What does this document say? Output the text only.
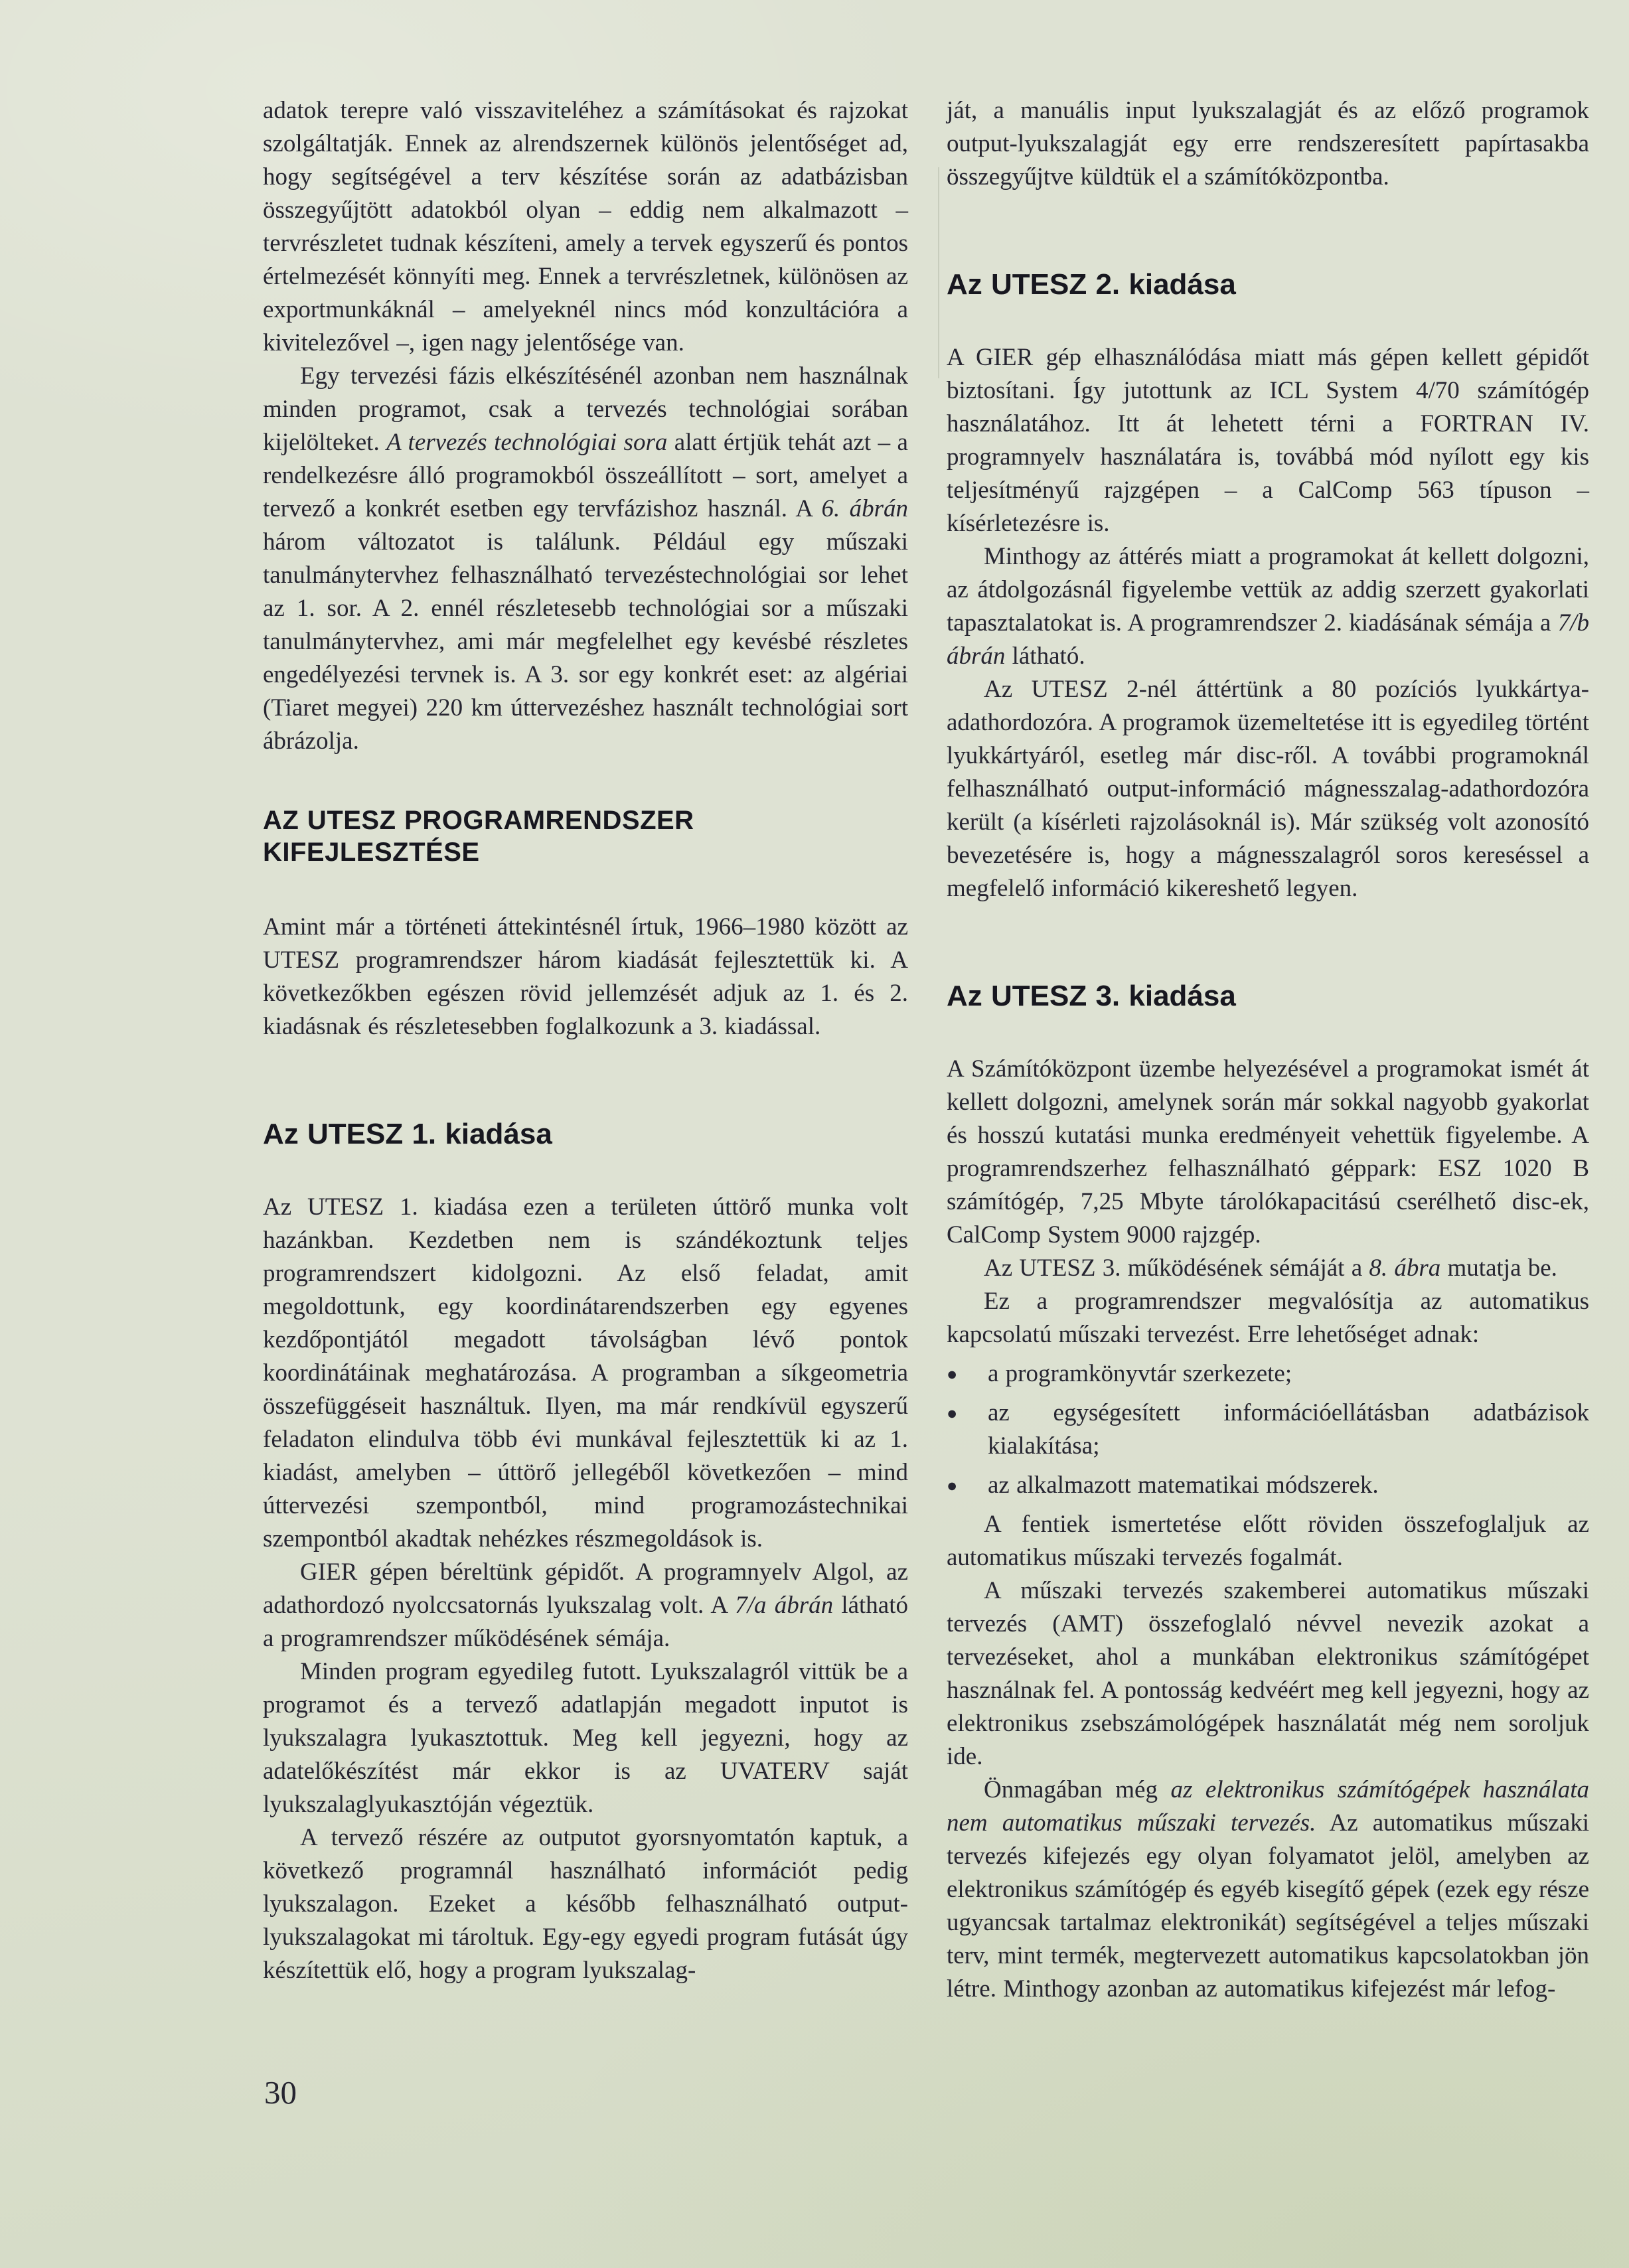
adatok terepre való visszaviteléhez a számításokat és rajzokat szolgáltatják. Ennek az alrendszernek különös jelentőséget ad, hogy segítségével a terv készítése során az adatbázisban összegyűjtött adatokból olyan – eddig nem alkalmazott – tervrészletet tudnak készíteni, amely a tervek egyszerű és pontos értelmezését könnyíti meg. Ennek a tervrészletnek, különösen az exportmunkáknál – amelyeknél nincs mód konzultációra a kivitelezővel –, igen nagy jelentősége van.

Egy tervezési fázis elkészítésénél azonban nem használnak minden programot, csak a tervezés technológiai sorában kijelölteket. A tervezés technológiai sora alatt értjük tehát azt – a rendelkezésre álló programokból összeállított – sort, amelyet a tervező a konkrét esetben egy tervfázishoz használ. A 6. ábrán három változatot is találunk. Például egy műszaki tanulmánytervhez felhasználható tervezéstechnológiai sor lehet az 1. sor. A 2. ennél részletesebb technológiai sor a műszaki tanulmánytervhez, ami már megfelelhet egy kevésbé részletes engedélyezési tervnek is. A 3. sor egy konkrét eset: az algériai (Tiaret megyei) 220 km úttervezéshez használt technológiai sort ábrázolja.

AZ UTESZ PROGRAMRENDSZER KIFEJLESZTÉSE

Amint már a történeti áttekintésnél írtuk, 1966–1980 között az UTESZ programrendszer három kiadását fejlesztettük ki. A következőkben egészen rövid jellemzését adjuk az 1. és 2. kiadásnak és részletesebben foglalkozunk a 3. kiadással.

Az UTESZ 1. kiadása

Az UTESZ 1. kiadása ezen a területen úttörő munka volt hazánkban. Kezdetben nem is szándékoztunk teljes programrendszert kidolgozni. Az első feladat, amit megoldottunk, egy koordinátarendszerben egy egyenes kezdőpontjától megadott távolságban lévő pontok koordinátáinak meghatározása. A programban a síkgeometria összefüggéseit használtuk. Ilyen, ma már rendkívül egyszerű feladaton elindulva több évi munkával fejlesztettük ki az 1. kiadást, amelyben – úttörő jellegéből következően – mind úttervezési szempontból, mind programozástechnikai szempontból akadtak nehézkes részmegoldások is.

GIER gépen béreltünk gépidőt. A programnyelv Algol, az adathordozó nyolccsatornás lyukszalag volt. A 7/a ábrán látható a programrendszer működésének sémája.

Minden program egyedileg futott. Lyukszalagról vittük be a programot és a tervező adatlapján megadott inputot is lyukszalagra lyukasztottuk. Meg kell jegyezni, hogy az adatelőkészítést már ekkor is az UVATERV saját lyukszalaglyukasztóján végeztük.

A tervező részére az outputot gyorsnyomtatón kaptuk, a következő programnál használható információt pedig lyukszalagon. Ezeket a később felhasználható output-lyukszalagokat mi tároltuk. Egy-egy egyedi program futását úgy készítettük elő, hogy a program lyukszalag-

ját, a manuális input lyukszalagját és az előző programok output-lyukszalagját egy erre rendszeresített papírtasakba összegyűjtve küldtük el a számítóközpontba.

Az UTESZ 2. kiadása

A GIER gép elhasználódása miatt más gépen kellett gépidőt biztosítani. Így jutottunk az ICL System 4/70 számítógép használatához. Itt át lehetett térni a FORTRAN IV. programnyelv használatára is, továbbá mód nyílott egy kis teljesítményű rajzgépen – a CalComp 563 típuson – kísérletezésre is.

Minthogy az áttérés miatt a programokat át kellett dolgozni, az átdolgozásnál figyelembe vettük az addig szerzett gyakorlati tapasztalatokat is. A programrendszer 2. kiadásának sémája a 7/b ábrán látható.

Az UTESZ 2-nél áttértünk a 80 pozíciós lyukkártya-adathordozóra. A programok üzemeltetése itt is egyedileg történt lyukkártyáról, esetleg már disc-ről. A további programoknál felhasználható output-információ mágnesszalag-adathordozóra került (a kísérleti rajzolásoknál is). Már szükség volt azonosító bevezetésére is, hogy a mágnesszalagról soros kereséssel a megfelelő információ kikereshető legyen.

Az UTESZ 3. kiadása

A Számítóközpont üzembe helyezésével a programokat ismét át kellett dolgozni, amelynek során már sokkal nagyobb gyakorlat és hosszú kutatási munka eredményeit vehettük figyelembe. A programrendszerhez felhasználható géppark: ESZ 1020 B számítógép, 7,25 Mbyte tárolókapacitású cserélhető disc-ek, CalComp System 9000 rajzgép.

Az UTESZ 3. működésének sémáját a 8. ábra mutatja be.

Ez a programrendszer megvalósítja az automatikus kapcsolatú műszaki tervezést. Erre lehetőséget adnak:

●	a programkönyvtár szerkezete;
●	az egységesített információellátásban adatbázisok kialakítása;
●	az alkalmazott matematikai módszerek.

A fentiek ismertetése előtt röviden összefoglaljuk az automatikus műszaki tervezés fogalmát.

A műszaki tervezés szakemberei automatikus műszaki tervezés (AMT) összefoglaló névvel nevezik azokat a tervezéseket, ahol a munkában elektronikus számítógépet használnak fel. A pontosság kedvéért meg kell jegyezni, hogy az elektronikus zsebszámológépek használatát még nem soroljuk ide.

Önmagában még az elektronikus számítógépek használata nem automatikus műszaki tervezés. Az automatikus műszaki tervezés kifejezés egy olyan folyamatot jelöl, amelyben az elektronikus számítógép és egyéb kisegítő gépek (ezek egy része ugyancsak tartalmaz elektronikát) segítségével a teljes műszaki terv, mint termék, megtervezett automatikus kapcsolatokban jön létre. Minthogy azonban az automatikus kifejezést már lefog-

30
